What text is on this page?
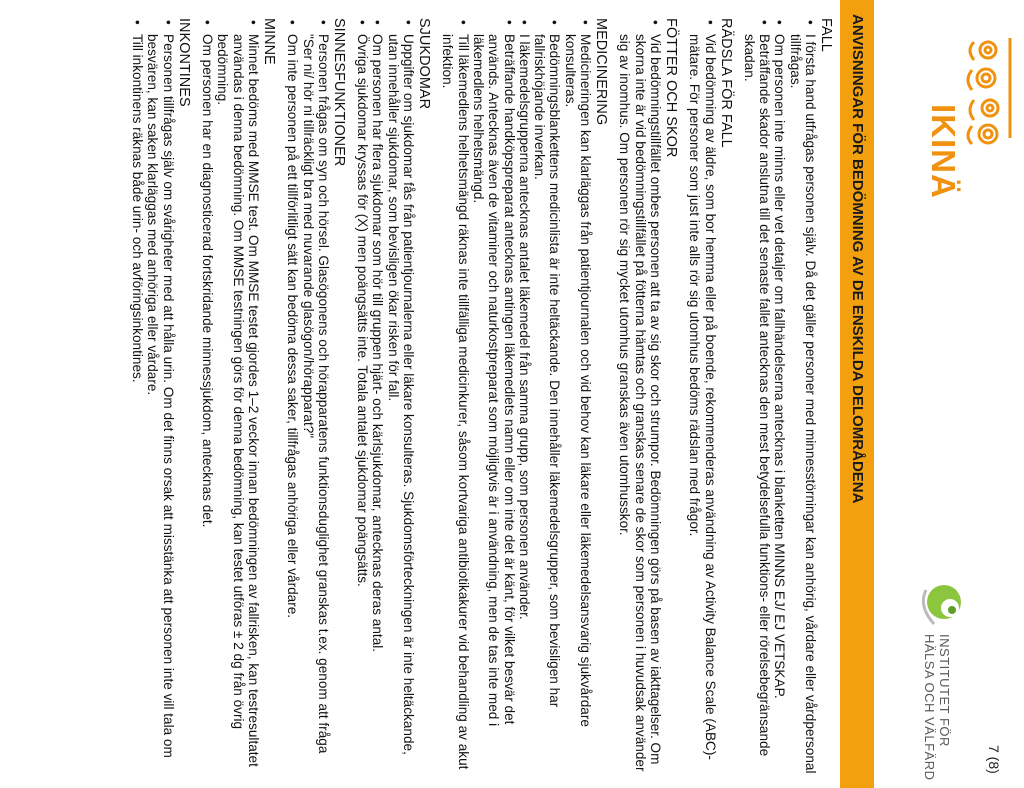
IKINÄ
INSTITUTET FÖR
HÄLSA OCH VÄLFÄRD	7 (8)
ANVISNINGAR FÖR BEDÖMNING AV DE ENSKILDA DELOMRÅDENA
FALL
• I första hand utfrågas personen själv. Då det gäller personer med minnesstörningar kan anhörig, vårdare eller vårdpersonal tillfrågas.
• Om personen inte minns eller vet detaljer om fallhändelserna antecknas i blanketten MINNS EJ/ EJ VETSKAP.
• Beträffande skador anslutna till det senaste fallet antecknas den mest betydelsefulla funktions- eller rörelsebegränsande skadan.
RÄDSLA FÖR FALL
• Vid bedömning av äldre, som bor hemma eller på boende, rekommenderas användning av Activity Balance Scale (ABC)-mätare. För personer som just inte alls rör sig utomhus bedöms rädslan med frågor.
FÖTTER OCH SKOR
• Vid bedömningstillfället ombes personen att ta av sig skor och strumpor. Bedömningen görs på basen av iakttagelser. Om skorna inte är vid bedömningstillfället på fötterna hämtas och granskas senare de skor som personen i huvudsak använder sig av inomhus. Om personen rör sig mycket utomhus granskas även utomhusskor.
MEDICINERING
• Medicineringen kan klarläggas från patientjournalen och vid behov kan läkare eller läkemedelsansvarig sjukvårdare konsulteras.
• Bedömningsblankettens medicinlista är inte heltäckande. Den innehåller läkemedelsgrupper, som bevisligen har fallriskhöjande inverkan.
• I läkemedelsgrupperna antecknas antalet läkemedel från samma grupp, som personen använder.
• Beträffande handköpspreparat antecknas antingen läkemedlets namn eller om inte det är känt, för vilket besvär det används. Antecknas även de vitaminer och naturkostpreparat som möjligtvis är i användning, men de tas inte med i läkemedlens helhetsmängd.
• Till läkemedlens helhetsmängd räknas inte tillfälliga medicinkurer, såsom kortvariga antibiotikakurer vid behandling av akut infektion.
SJUKDOMAR
• Uppgifter om sjukdomar fås från patientjournalerna eller läkare konsulteras. Sjukdomsförteckningen är inte heltäckande, utan innehåller sjukdomar, som bevisligen ökar risken för fall.
• Om personen har flera sjukdomar som hör till gruppen hjärt- och kärlsjukdomar, antecknas deras antal.
• Övriga sjukdomar kryssas för (X) men poängsätts inte. Totala antalet sjukdomar poängsätts.
SINNESFUNKTIONER
• Personen frågas om syn och hörsel. Glasögonens och hörapparatens funktionsduglighet granskas t.ex. genom att fråga "Ser ni/ hör ni tillräckligt bra med nuvarande glasögon/hörapparat?"
• Om inte personen på ett tillförlitligt sätt kan bedöma dessa saker, tillfrågas anhöriga eller vårdare.
MINNE
• Minnet bedöms med MMSE test. Om MMSE testet gjordes 1–2 veckor innan bedömningen av fallrisken, kan testresultatet användas i denna bedömning. Om MMSE testningen görs för denna bedömning, kan testet utföras ± 2 dg från övrig bedömning.
• Om personen har en diagnosticerad fortskridande minnessjukdom, antecknas det.
INKONTINES
• Personen tillfrågas själv om svårigheter med att hålla urin. Om det finns orsak att misstänka att personen inte vill tala om besvären, kan saken klarläggas med anhöriga eller vårdare.
• Till inkontinens räknas både urin- och avföringsinkontines.
